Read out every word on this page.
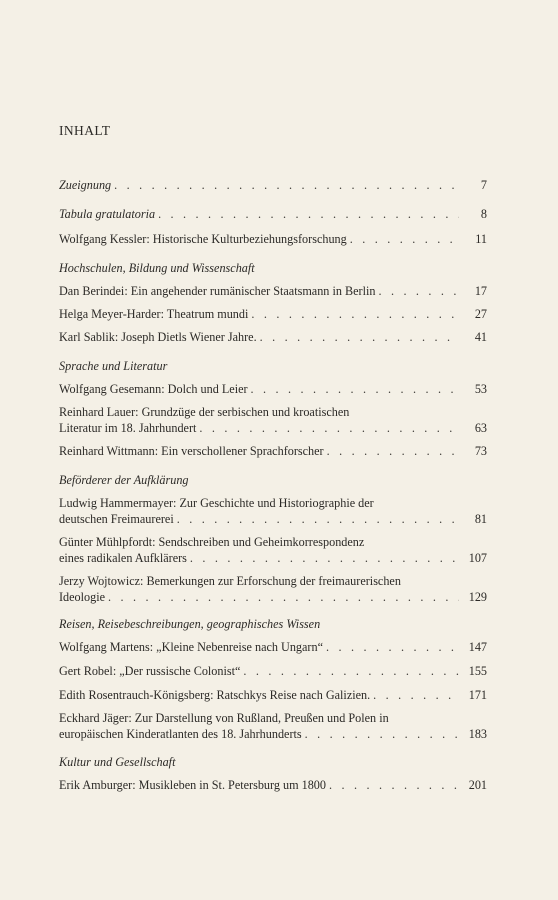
INHALT
Zueignung . . .	7
Tabula gratulatoria . . .	8
Wolfgang Kessler: Historische Kulturbeziehungsforschung . . .	11
Hochschulen, Bildung und Wissenschaft
Dan Berindei: Ein angehender rumänischer Staatsmann in Berlin . . .	17
Helga Meyer-Harder: Theatrum mundi . . .	27
Karl Sablik: Joseph Dietls Wiener Jahre. . . .	41
Sprache und Literatur
Wolfgang Gesemann: Dolch und Leier . . .	53
Reinhard Lauer: Grundzüge der serbischen und kroatischen
Literatur im 18. Jahrhundert . . .	63
Reinhard Wittmann: Ein verschollener Sprachforscher . . .	73
Beförderer der Aufklärung
Ludwig Hammermayer: Zur Geschichte und Historiographie der
deutschen Freimaurerei . . .	81
Günter Mühlpfordt: Sendschreiben und Geheimkorrespondenz
eines radikalen Aufklärers . . .	107
Jerzy Wojtowicz: Bemerkungen zur Erforschung der freimaurerischen
Ideologie . . .	129
Reisen, Reisebeschreibungen, geographisches Wissen
Wolfgang Martens: „Kleine Nebenreise nach Ungarn“ . . .	147
Gert Robel: „Der russische Colonist“ . . .	155
Edith Rosentrauch-Königsberg: Ratschkys Reise nach Galizien. . . .	171
Eckhard Jäger: Zur Darstellung von Rußland, Preußen und Polen in
europäischen Kinderatlanten des 18. Jahrhunderts . . .	183
Kultur und Gesellschaft
Erik Amburger: Musikleben in St. Petersburg um 1800 . . .	201
